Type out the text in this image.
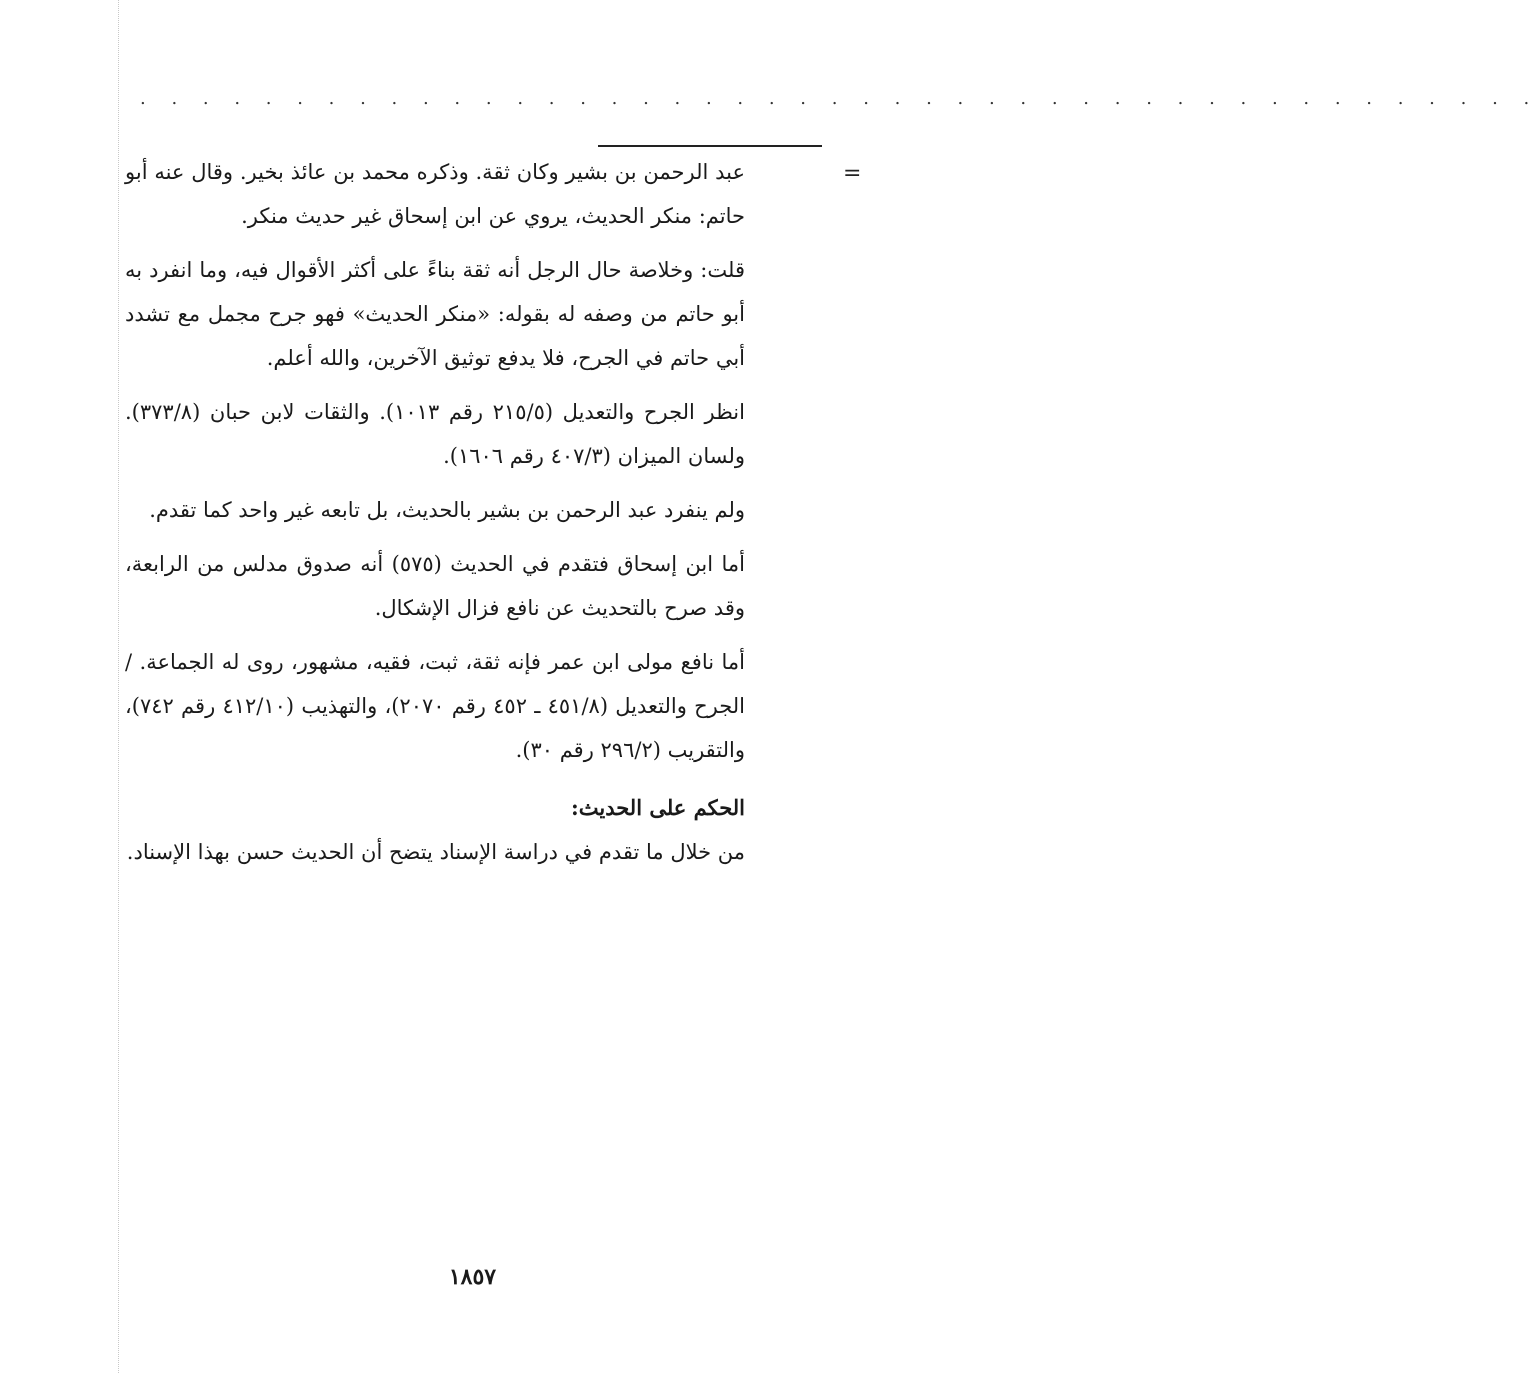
. . . . . . . . . . . . . . . . . . . . . . . . . . . . . . . . . . . . . . . . . . . . .
=

عبد الرحمن بن بشير وكان ثقة. وذكره محمد بن عائذ بخير. وقال عنه أبو حاتم: منكر الحديث، يروي عن ابن إسحاق غير حديث منكر.

قلت: وخلاصة حال الرجل أنه ثقة بناءً على أكثر الأقوال فيه، وما انفرد به أبو حاتم من وصفه له بقوله: «منكر الحديث» فهو جرح مجمل مع تشدد أبي حاتم في الجرح، فلا يدفع توثيق الآخرين، والله أعلم.

انظر الجرح والتعديل (٢١٥/٥ رقم ١٠١٣). والثقات لابن حبان (٣٧٣/٨). ولسان الميزان (٤٠٧/٣ رقم ١٦٠٦).

ولم ينفرد عبد الرحمن بن بشير بالحديث، بل تابعه غير واحد كما تقدم.

أما ابن إسحاق فتقدم في الحديث (٥٧٥) أنه صدوق مدلس من الرابعة، وقد صرح بالتحديث عن نافع فزال الإشكال.

أما نافع مولى ابن عمر فإنه ثقة، ثبت، فقيه، مشهور، روى له الجماعة. / الجرح والتعديل (٤٥١/٨ ـ ٤٥٢ رقم ٢٠٧٠)، والتهذيب (٤١٢/١٠ رقم ٧٤٢)، والتقريب (٢٩٦/٢ رقم ٣٠).

الحكم على الحديث:

من خلال ما تقدم في دراسة الإسناد يتضح أن الحديث حسن بهذا الإسناد.

١٨٥٧
